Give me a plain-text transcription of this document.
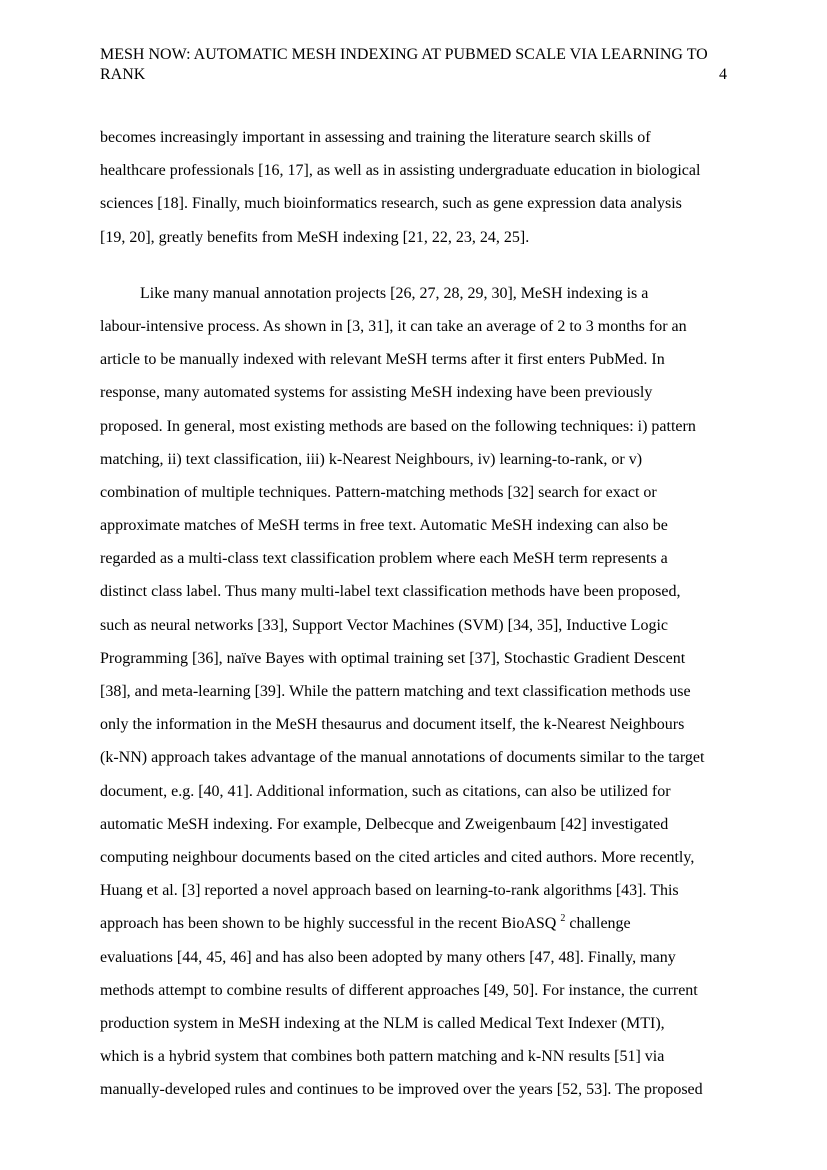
MESH NOW: AUTOMATIC MESH INDEXING AT PUBMED SCALE VIA LEARNING TO RANK	4
becomes increasingly important in assessing and training the literature search skills of
healthcare professionals [16, 17], as well as in assisting undergraduate education in biological
sciences [18]. Finally, much bioinformatics research, such as gene expression data analysis
[19, 20], greatly benefits from MeSH indexing [21, 22, 23, 24, 25].
Like many manual annotation projects [26, 27, 28, 29, 30], MeSH indexing is a
labour-intensive process. As shown in [3, 31], it can take an average of 2 to 3 months for an
article to be manually indexed with relevant MeSH terms after it first enters PubMed. In
response, many automated systems for assisting MeSH indexing have been previously
proposed. In general, most existing methods are based on the following techniques: i) pattern
matching, ii) text classification, iii) k-Nearest Neighbours, iv) learning-to-rank, or v)
combination of multiple techniques. Pattern-matching methods [32] search for exact or
approximate matches of MeSH terms in free text. Automatic MeSH indexing can also be
regarded as a multi-class text classification problem where each MeSH term represents a
distinct class label. Thus many multi-label text classification methods have been proposed,
such as neural networks [33], Support Vector Machines (SVM) [34, 35], Inductive Logic
Programming [36], naïve Bayes with optimal training set [37], Stochastic Gradient Descent
[38], and meta-learning [39]. While the pattern matching and text classification methods use
only the information in the MeSH thesaurus and document itself, the k-Nearest Neighbours
(k-NN) approach takes advantage of the manual annotations of documents similar to the target
document, e.g. [40, 41]. Additional information, such as citations, can also be utilized for
automatic MeSH indexing. For example, Delbecque and Zweigenbaum [42] investigated
computing neighbour documents based on the cited articles and cited authors. More recently,
Huang et al. [3] reported a novel approach based on learning-to-rank algorithms [43]. This
approach has been shown to be highly successful in the recent BioASQ $^2$ challenge
evaluations [44, 45, 46] and has also been adopted by many others [47, 48]. Finally, many
methods attempt to combine results of different approaches [49, 50]. For instance, the current
production system in MeSH indexing at the NLM is called Medical Text Indexer (MTI),
which is a hybrid system that combines both pattern matching and k-NN results [51] via
manually-developed rules and continues to be improved over the years [52, 53]. The proposed
